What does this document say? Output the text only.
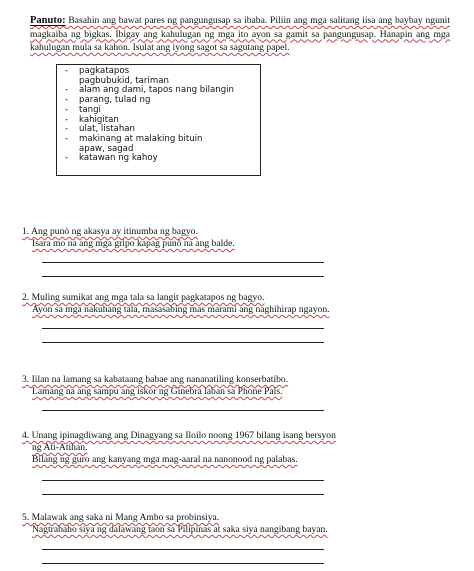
Panuto: Basahin ang bawat pares ng pangungusap sa ibaba. Piliin ang mga salitang iisa ang baybay ngunit magkaiba ng bigkas. Ibigay ang kahulugan ng mga ito ayon sa gamit sa pangungusap. Hanapin ang mga kahulugan mula sa kahon. Isulat ang iyong sagot sa sagutang papel.
- pagkatapos
pagbubukid, tariman
- alam ang dami, tapos nang bilangin
- parang, tulad ng
- tangi
- kahigitan
- ulat, listahan
- makinang at malaking bituin
apaw, sagad
- katawan ng kahoy
1. Ang punò ng akasya ay itinumba ng bagyo.
Isara mo na ang mga gripo kapag punô na ang balde.
2. Muling sumikat ang mga tala sa langit pagkatapos ng bagyo.
Ayon sa mga nakuhang tala, masasabing mas marami ang naghihirap ngayon.
3. Iilan na lamang sa kabataang babae ang nananatiling konserbatibo.
Lamang na ang sampu ang iskor ng Ginebra laban sa Phone Pals.
4. Unang ipinagdiwang ang Dinagyang sa Iloilo noong 1967 bilang isang bersyon
ng Ati-Atihan.
Bilang ng guro ang kanyang mga mag-aaral na nanonood ng palabas.
5. Malawak ang saka ni Mang Ambo sa probinsiya.
Nagtrabaho siya ng dalawang taon sa Pilipinas at saka siya nangibang bayan.
